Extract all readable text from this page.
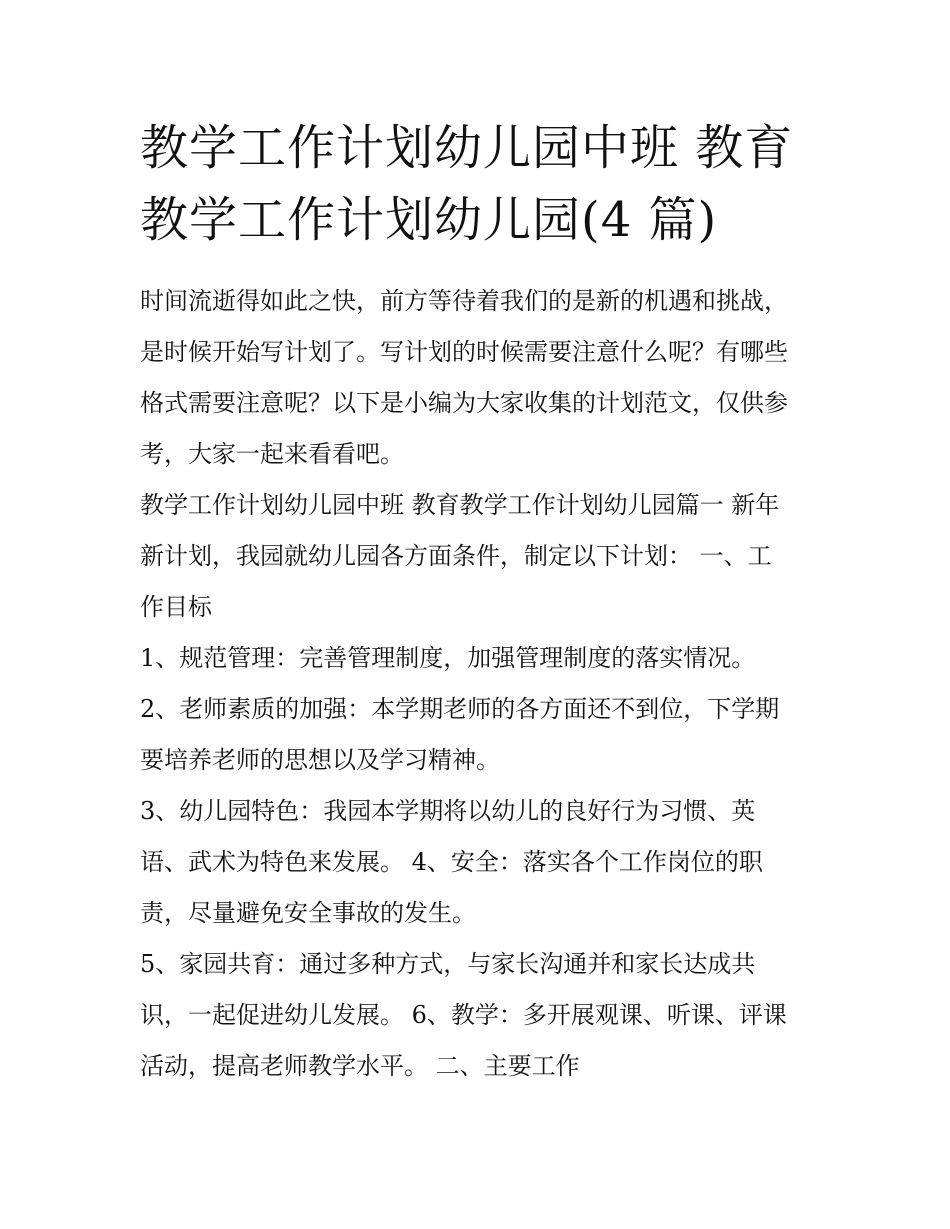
教学工作计划幼儿园中班 教育
教学工作计划幼儿园(4 篇)

时间流逝得如此之快，前方等待着我们的是新的机遇和挑战，
是时候开始写计划了。写计划的时候需要注意什么呢？有哪些
格式需要注意呢？以下是小编为大家收集的计划范文，仅供参
考，大家一起来看看吧。

教学工作计划幼儿园中班 教育教学工作计划幼儿园篇一 新年
新计划，我园就幼儿园各方面条件，制定以下计划： 一、工
作目标

1、规范管理：完善管理制度，加强管理制度的落实情况。

2、老师素质的加强：本学期老师的各方面还不到位，下学期
要培养老师的思想以及学习精神。

3、幼儿园特色：我园本学期将以幼儿的良好行为习惯、英
语、武术为特色来发展。 4、安全：落实各个工作岗位的职
责，尽量避免安全事故的发生。

5、家园共育：通过多种方式，与家长沟通并和家长达成共
识，一起促进幼儿发展。 6、教学：多开展观课、听课、评课
活动，提高老师教学水平。 二、主要工作
